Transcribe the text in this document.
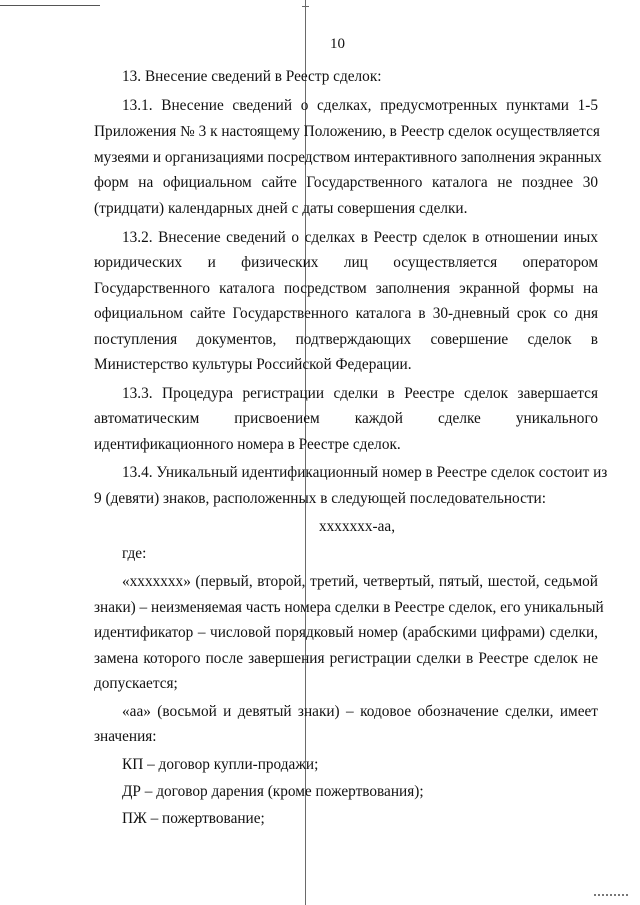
10
13. Внесение сведений в Реестр сделок:
13.1. Внесение сведений о сделках, предусмотренных пунктами 1-5
Приложения № 3 к настоящему Положению, в Реестр сделок осуществляется
музеями и организациями посредством интерактивного заполнения экранных
форм на официальном сайте Государственного каталога не позднее 30
(тридцати) календарных дней с даты совершения сделки.
13.2. Внесение сведений о сделках в Реестр сделок в отношении иных
юридических и физических лиц осуществляется оператором
Государственного каталога посредством заполнения экранной формы на
официальном сайте Государственного каталога в 30-дневный срок со дня
поступления документов, подтверждающих совершение сделок в
Министерство культуры Российской Федерации.
13.3. Процедура регистрации сделки в Реестре сделок завершается
автоматическим присвоением каждой сделке уникального
идентификационного номера в Реестре сделок.
13.4. Уникальный идентификационный номер в Реестре сделок состоит из
9 (девяти) знаков, расположенных в следующей последовательности:
xxxxxxx-аа,
где:
«xxxxxxx» (первый, второй, третий, четвертый, пятый, шестой, седьмой
знаки) – неизменяемая часть номера сделки в Реестре сделок, его уникальный
идентификатор – числовой порядковый номер (арабскими цифрами) сделки,
замена которого после завершения регистрации сделки в Реестре сделок не
допускается;
«аа» (восьмой и девятый знаки) – кодовое обозначение сделки, имеет
значения:
КП – договор купли-продажи;
ДР – договор дарения (кроме пожертвования);
ПЖ – пожертвование;
